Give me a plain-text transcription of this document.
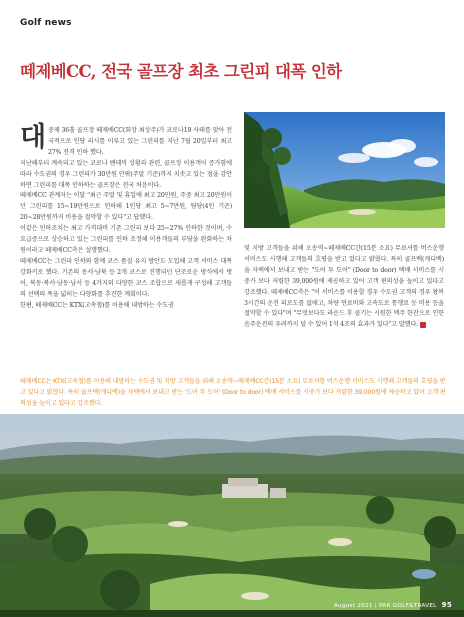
Golf news
떼제베CC, 전국 골프장 최초 그린피 대폭 인하

대중제 36홀 골프장 떼제베CC(회장 최상주)가 코로나19 사태를 맞아 전국적으로 인당 리시를 이루고 있는 그린피를 지난 7월 20일부터 최고 27% 전격 인하 했다.

지난해부터 계속되고 있는 코로나 팬데믹 상황과 관련, 골프장 이용객이 증가함에 따라 수도권의 경우 그린피가 30만원 안팎(주말 기준)까지 치솟고 있는 점을 감안하면 그린피를 대폭 인하하는 골프장은 전국 처음이다.

떼제베CC 관계자는 이달 "최근 주말 및 휴일에 최고 20만원, 주중 최고 20만원이던 그린피를 15~19만원으로 인하해 1인당 최고 5~7만원, 팀당(4인 기준) 20~28만원까지 비용을 절약할 수 있다"고 답했다.

이같은 인하조치는 최고 가격대비 기존 그린피 보다 25~27% 인하한 것이며, 수요급증으로 상승하고 있는 그린피를 인하 조정해 이용객들의 부담을 완화하는 차원이라고 떼제베CC측은 설명했다.

떼제베CC는 그린피 인하와 함께 코스 품질 유지 방안도 도입해 고객 서비스 대폭 강화키로 했다. 기존의 동서·남북 등 2개 코스로 진행되던 단조로운 방식에서 벗어, 북동·북서·남동·남서 등 4가지의 다양한 코스 조합으로 새롭게 구성해 고객들의 선택의 폭을 넓히는 다양화를 추진한 계획이다.

한편, 떼제베CC는 KTX(고속철)를 이용해 내방하는 수도권

및 지방 고객들을 위해 오송역~떼제베CC간(15분 소요) 무료셔틀 버스운행 서비스도 시행해 고객들의 호평을 받고 있다고 밝혔다. 특히 골프백(캐디백)을 자택에서 보내고 받는 "도어 투 도어" (Door to door) 택배 서비스를 시중가 보다 저렴한 39,000원에 제공하고 있어 고객 편의성을 높이고 있다고 강조했다. 떼제베CC측은 "이 서비스를 이용할 경우 수도권 고객의 경우 왕복 3시간의 운전 피로도를 없애고, 차량 연료비와 고속도로 통행료 등 비용 등을 절약할 수 있다"며 "무엇보다도 라운드 후 즐기는 시원한 맥주 한잔으로 인한 음주운전의 우려까지 덜 수 있어 1석 4조의 효과가 있다"고 말했다.

떼제베CC는 KTX(고속철)를 이용해 내방하는 수도권 및 지방 고객들을 위해 오송역~떼제베CC간(15분 소요) 무료셔틀 버스운행 서비스도 시행해 고객들의 호평을 받고 있다고 밝혔다. 특히 골프백(캐디백)을 자택에서 보내고 받는 '도어 투 도어' (Door to door) 택배 서비스를 시중가 보다 저렴한 39,000원에 제공하고 있어 고객 편의성을 높이고 있다고 강조했다.
August 2021 | PAR GOLF&TRAVEL 95
